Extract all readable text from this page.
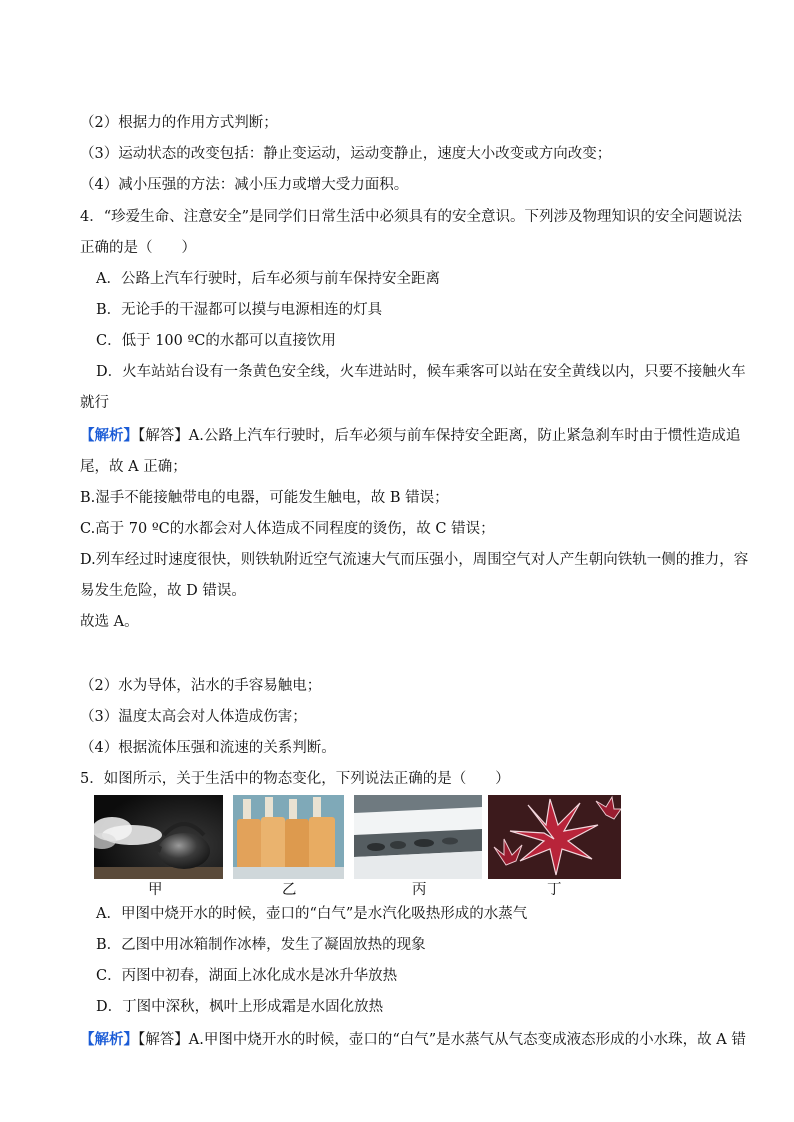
（2）根据力的作用方式判断；
（3）运动状态的改变包括：静止变运动，运动变静止，速度大小改变或方向改变；
（4）减小压强的方法：减小压力或增大受力面积。
4．“珍爱生命、注意安全”是同学们日常生活中必须具有的安全意识。下列涉及物理知识的安全问题说法
正确的是（　　）
A．公路上汽车行驶时，后车必须与前车保持安全距离
B．无论手的干湿都可以摸与电源相连的灯具
C．低于 100 ºC的水都可以直接饮用
D．火车站站台设有一条黄色安全线，火车进站时，候车乘客可以站在安全黄线以内，只要不接触火车
就行
【解析】【解答】A.公路上汽车行驶时，后车必须与前车保持安全距离，防止紧急刹车时由于惯性造成追
尾，故 A 正确；
B.湿手不能接触带电的电器，可能发生触电，故 B 错误；
C.高于 70 ºC的水都会对人体造成不同程度的烫伤，故 C 错误；
D.列车经过时速度很快，则铁轨附近空气流速大气而压强小，周围空气对人产生朝向铁轨一侧的推力，容
易发生危险，故 D 错误。
故选 A。
（2）水为导体，沾水的手容易触电；
（3）温度太高会对人体造成伤害；
（4）根据流体压强和流速的关系判断。
5．如图所示，关于生活中的物态变化，下列说法正确的是（　　）
甲	乙	丙	丁
A．甲图中烧开水的时候，壶口的“白气”是水汽化吸热形成的水蒸气
B．乙图中用冰箱制作冰棒，发生了凝固放热的现象
C．丙图中初春，湖面上冰化成水是冰升华放热
D．丁图中深秋，枫叶上形成霜是水固化放热
【解析】【解答】A.甲图中烧开水的时候，壶口的“白气”是水蒸气从气态变成液态形成的小水珠，故 A 错
